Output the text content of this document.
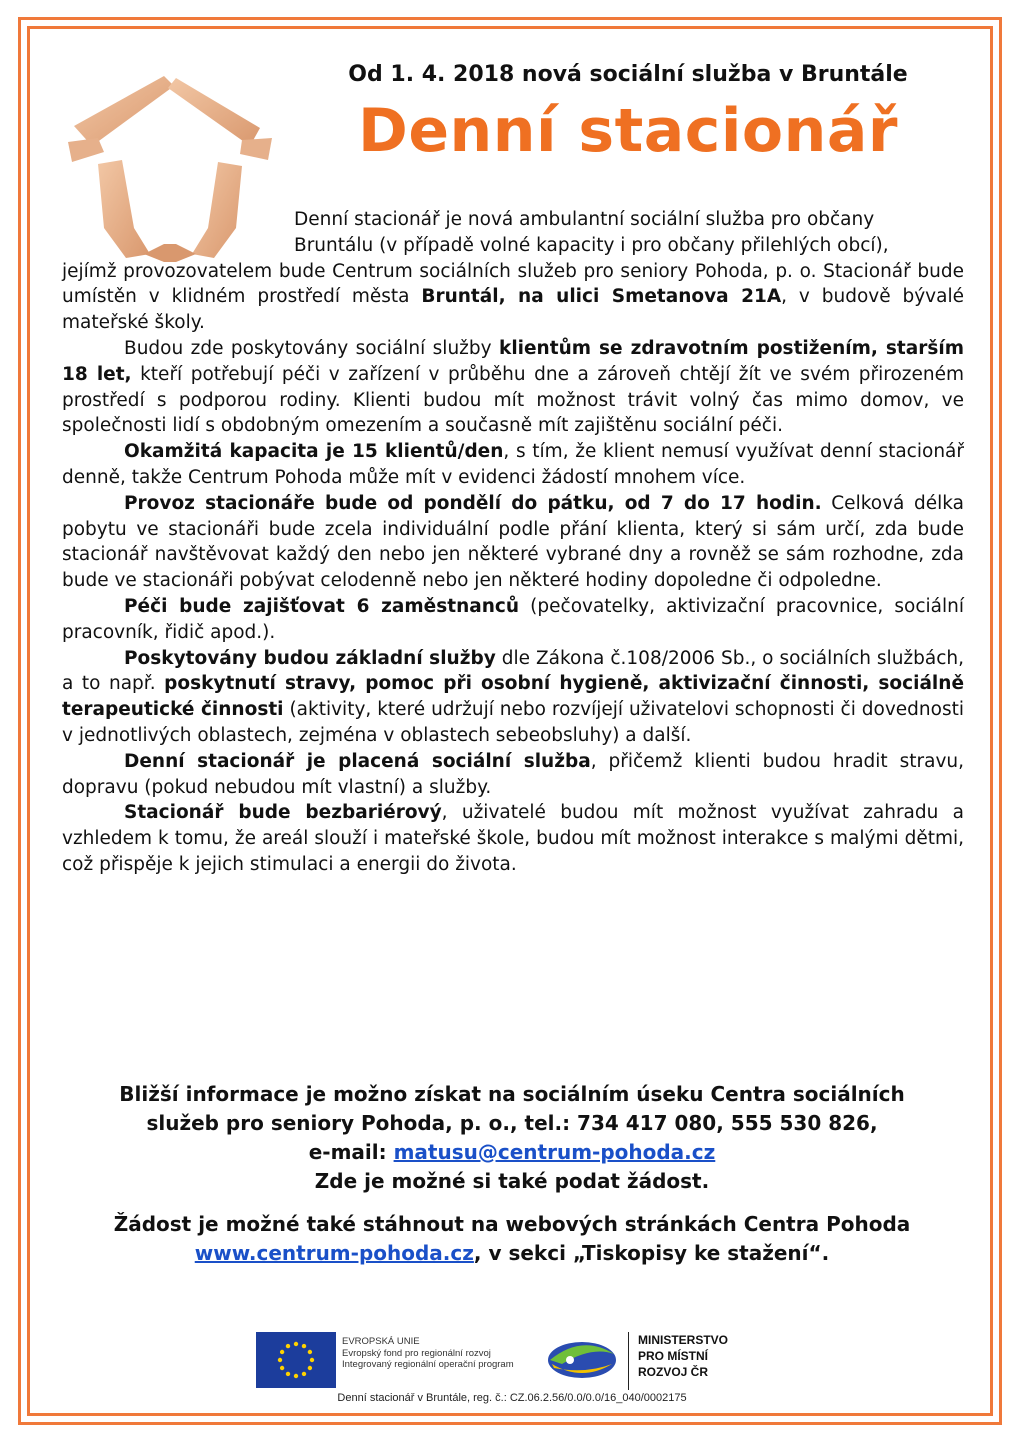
Od 1. 4. 2018 nová sociální služba v Bruntále
Denní stacionář

Denní stacionář je nová ambulantní sociální služba pro občany
Bruntálu (v případě volné kapacity i pro občany přilehlých obcí),
jejímž provozovatelem bude Centrum sociálních služeb pro seniory Pohoda, p. o. Stacionář bude umístěn v klidném prostředí města Bruntál, na ulici Smetanova 21A, v budově bývalé mateřské školy.

Budou zde poskytovány sociální služby klientům se zdravotním postižením, starším 18 let, kteří potřebují péči v zařízení v průběhu dne a zároveň chtějí žít ve svém přirozeném prostředí s podporou rodiny. Klienti budou mít možnost trávit volný čas mimo domov, ve společnosti lidí s obdobným omezením a současně mít zajištěnu sociální péči.

Okamžitá kapacita je 15 klientů/den, s tím, že klient nemusí využívat denní stacionář denně, takže Centrum Pohoda může mít v evidenci žádostí mnohem více.

Provoz stacionáře bude od pondělí do pátku, od 7 do 17 hodin. Celková délka pobytu ve stacionáři bude zcela individuální podle přání klienta, který si sám určí, zda bude stacionář navštěvovat každý den nebo jen některé vybrané dny a rovněž se sám rozhodne, zda bude ve stacionáři pobývat celodenně nebo jen některé hodiny dopoledne či odpoledne.

Péči bude zajišťovat 6 zaměstnanců (pečovatelky, aktivizační pracovnice, sociální pracovník, řidič apod.).

Poskytovány budou základní služby dle Zákona č.108/2006 Sb., o sociálních službách, a to např. poskytnutí stravy, pomoc při osobní hygieně, aktivizační činnosti, sociálně terapeutické činnosti (aktivity, které udržují nebo rozvíjejí uživatelovi schopnosti či dovednosti v jednotlivých oblastech, zejména v oblastech sebeobsluhy) a další.

Denní stacionář je placená sociální služba, přičemž klienti budou hradit stravu, dopravu (pokud nebudou mít vlastní) a služby.

Stacionář bude bezbariérový, uživatelé budou mít možnost využívat zahradu a vzhledem k tomu, že areál slouží i mateřské škole, budou mít možnost interakce s malými dětmi, což přispěje k jejich stimulaci a energii do života.

Bližší informace je možno získat na sociálním úseku Centra sociálních

služeb pro seniory Pohoda, p. o., tel.: 734 417 080, 555 530 826,

e-mail: matusu@centrum-pohoda.cz

Zde je možné si také podat žádost.

Žádost je možné také stáhnout na webových stránkách Centra Pohoda

www.centrum-pohoda.cz, v sekci „Tiskopisy ke stažení“.

EVROPSKÁ UNIE
Evropský fond pro regionální rozvoj
Integrovaný regionální operační program
MINISTERSTVO
PRO MÍSTNÍ
ROZVOJ ČR
Denní stacionář v Bruntále, reg. č.: CZ.06.2.56/0.0/0.0/16_040/0002175
